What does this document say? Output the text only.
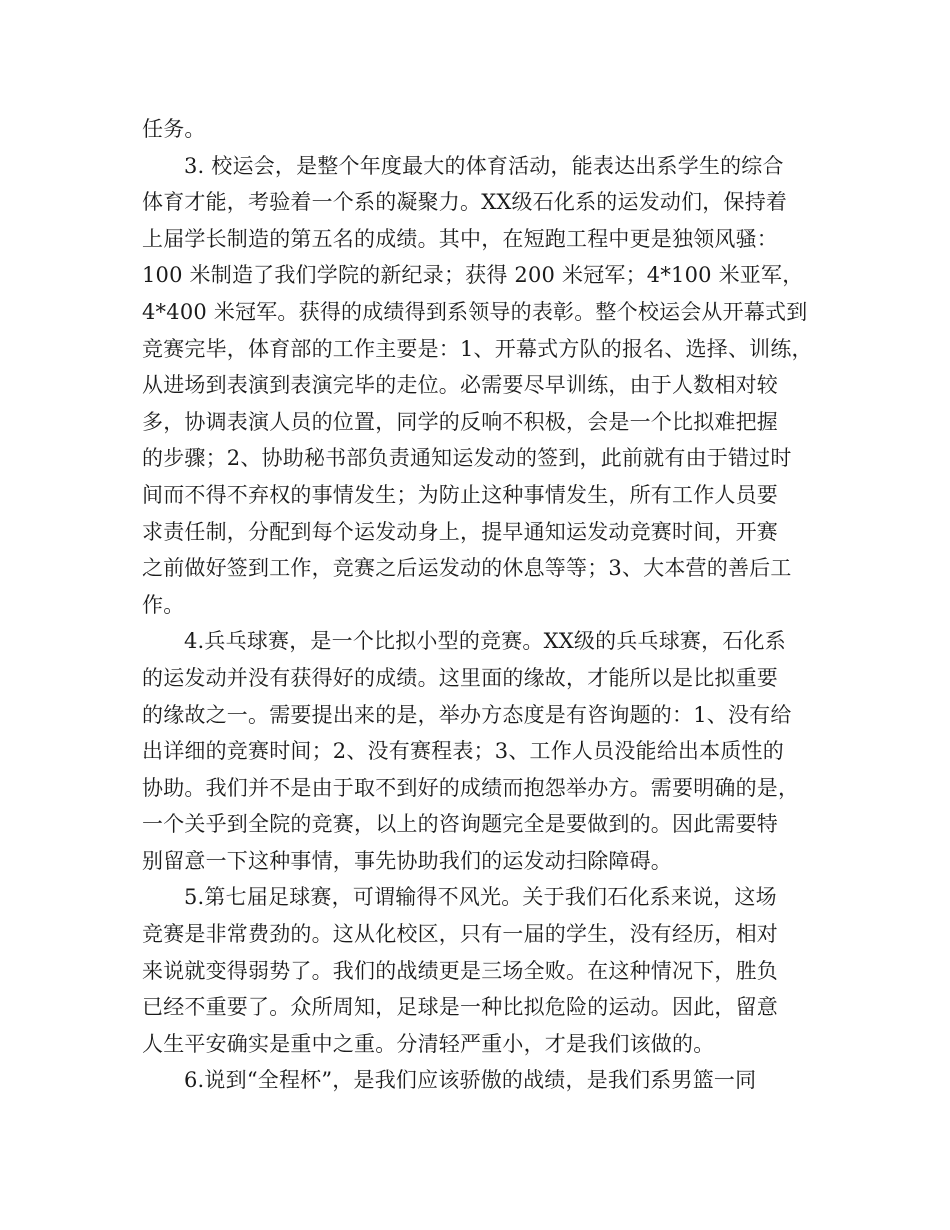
任务。
3. 校运会，是整个年度最大的体育活动，能表达出系学生的综合
体育才能，考验着一个系的凝聚力。XX级石化系的运发动们，保持着
上届学长制造的第五名的成绩。其中，在短跑工程中更是独领风骚：
100 米制造了我们学院的新纪录；获得 200 米冠军；4*100 米亚军，
4*400 米冠军。获得的成绩得到系领导的表彰。整个校运会从开幕式到
竞赛完毕，体育部的工作主要是：1、开幕式方队的报名、选择、训练，
从进场到表演到表演完毕的走位。必需要尽早训练，由于人数相对较
多，协调表演人员的位置，同学的反响不积极，会是一个比拟难把握
的步骤；2、协助秘书部负责通知运发动的签到，此前就有由于错过时
间而不得不弃权的事情发生；为防止这种事情发生，所有工作人员要
求责任制，分配到每个运发动身上，提早通知运发动竞赛时间，开赛
之前做好签到工作，竞赛之后运发动的休息等等；3、大本营的善后工
作。
4.兵乓球赛，是一个比拟小型的竞赛。XX级的兵乓球赛，石化系
的运发动并没有获得好的成绩。这里面的缘故，才能所以是比拟重要
的缘故之一。需要提出来的是，举办方态度是有咨询题的：1、没有给
出详细的竞赛时间；2、没有赛程表；3、工作人员没能给出本质性的
协助。我们并不是由于取不到好的成绩而抱怨举办方。需要明确的是，
一个关乎到全院的竞赛，以上的咨询题完全是要做到的。因此需要特
别留意一下这种事情，事先协助我们的运发动扫除障碍。
5.第七届足球赛，可谓输得不风光。关于我们石化系来说，这场
竞赛是非常费劲的。这从化校区，只有一届的学生，没有经历，相对
来说就变得弱势了。我们的战绩更是三场全败。在这种情况下，胜负
已经不重要了。众所周知，足球是一种比拟危险的运动。因此，留意
人生平安确实是重中之重。分清轻严重小，才是我们该做的。
6.说到“全程杯”，是我们应该骄傲的战绩，是我们系男篮一同
